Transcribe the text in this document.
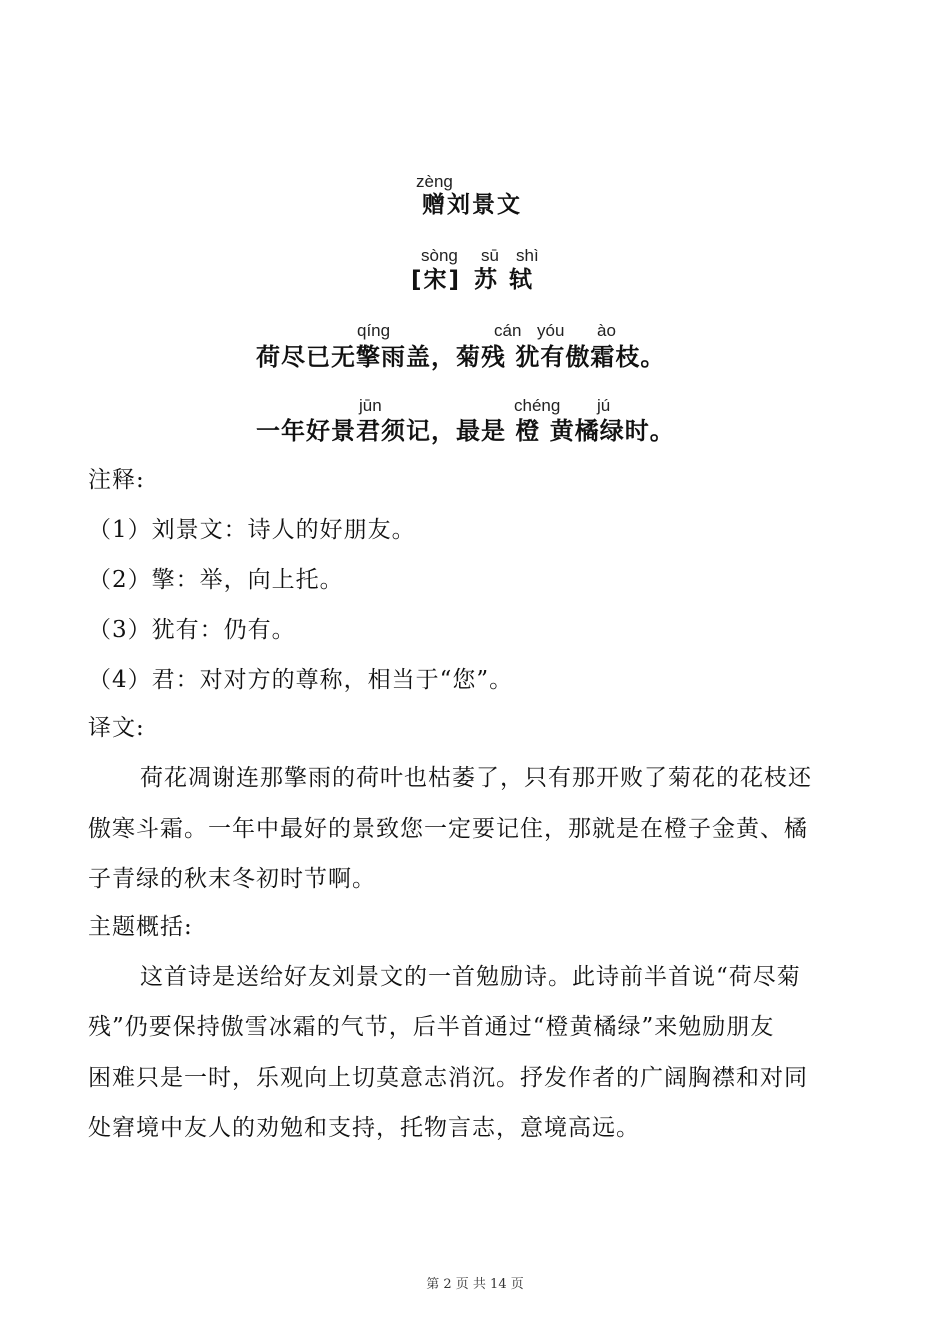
zèng
赠刘景文
sòng sū shì
[宋] 苏 轼
qíng	cán yóu ào
荷尽已无擎雨盖，菊残 犹有傲霜枝。
jūn	chéng jú
一年好景君须记，最是 橙 黄橘绿时。
注释:
（1）刘景文：诗人的好朋友。
（2）擎：举，向上托。
（3）犹有：仍有。
（4）君：对对方的尊称，相当于“您”。
译文:
荷花凋谢连那擎雨的荷叶也枯萎了，只有那开败了菊花的花枝还
傲寒斗霜。一年中最好的景致您一定要记住，那就是在橙子金黄、橘
子青绿的秋末冬初时节啊。
主题概括:
这首诗是送给好友刘景文的一首勉励诗。此诗前半首说“荷尽菊
残”仍要保持傲雪冰霜的气节，后半首通过“橙黄橘绿”来勉励朋友
困难只是一时，乐观向上切莫意志消沉。抒发作者的广阔胸襟和对同
处窘境中友人的劝勉和支持，托物言志，意境高远。
第 2 页 共 14 页
